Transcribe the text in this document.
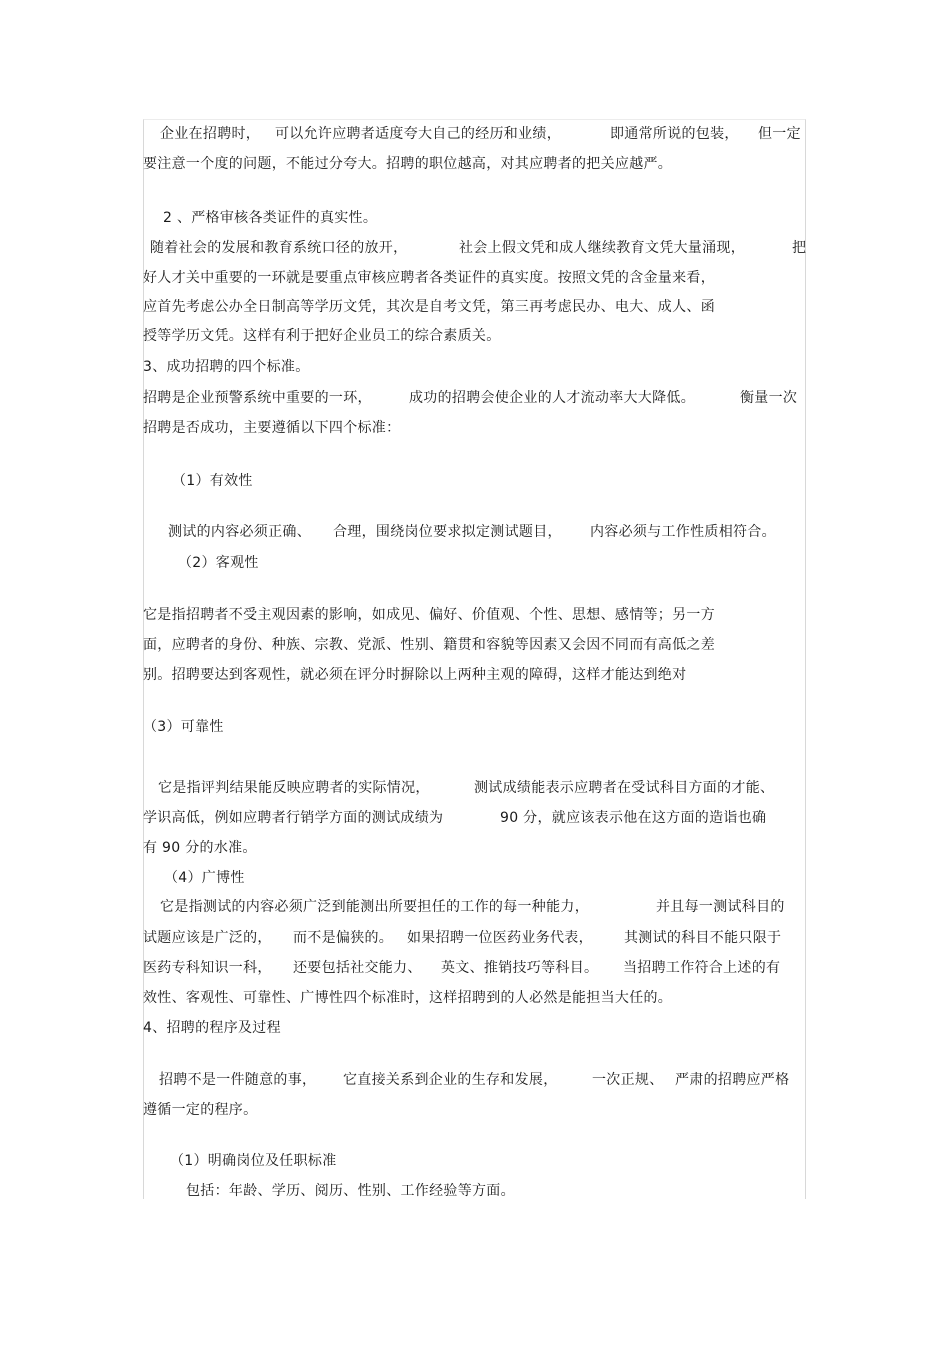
企业在招聘时， 可以允许应聘者适度夸大自己的经历和业绩，	即通常所说的包装， 但一定
要注意一个度的问题，不能过分夸大。招聘的职位越高，对其应聘者的把关应越严。
2 、严格审核各类证件的真实性。
随着社会的发展和教育系统口径的放开，	社会上假文凭和成人继续教育文凭大量涌现，	把
好人才关中重要的一环就是要重点审核应聘者各类证件的真实度。按照文凭的含金量来看，
应首先考虑公办全日制高等学历文凭，其次是自考文凭，第三再考虑民办、电大、成人、函
授等学历文凭。这样有利于把好企业员工的综合素质关。
3、成功招聘的四个标准。
招聘是企业预警系统中重要的一环，	成功的招聘会使企业的人才流动率大大降低。	衡量一次
招聘是否成功，主要遵循以下四个标准：
（1）有效性
测试的内容必须正确、 合理，围绕岗位要求拟定测试题目， 内容必须与工作性质相符合。
（2）客观性
它是指招聘者不受主观因素的影响，如成见、偏好、价值观、个性、思想、感情等；另一方
面，应聘者的身份、种族、宗教、党派、性别、籍贯和容貌等因素又会因不同而有高低之差
别。招聘要达到客观性，就必须在评分时摒除以上两种主观的障碍，这样才能达到绝对
（3）可靠性
它是指评判结果能反映应聘者的实际情况，	测试成绩能表示应聘者在受试科目方面的才能、
学识高低，例如应聘者行销学方面的测试成绩为	90 分，就应该表示他在这方面的造诣也确
有 90 分的水准。
（4）广博性
它是指测试的内容必须广泛到能测出所要担任的工作的每一种能力，	并且每一测试科目的
试题应该是广泛的， 而不是偏狭的。 如果招聘一位医药业务代表， 其测试的科目不能只限于
医药专科知识一科， 还要包括社交能力、 英文、推销技巧等科目。 当招聘工作符合上述的有
效性、客观性、可靠性、广博性四个标准时，这样招聘到的人必然是能担当大任的。
4、招聘的程序及过程
招聘不是一件随意的事， 它直接关系到企业的生存和发展， 一次正规、 严肃的招聘应严格
遵循一定的程序。
（1）明确岗位及任职标准
包括：年龄、学历、阅历、性别、工作经验等方面。
